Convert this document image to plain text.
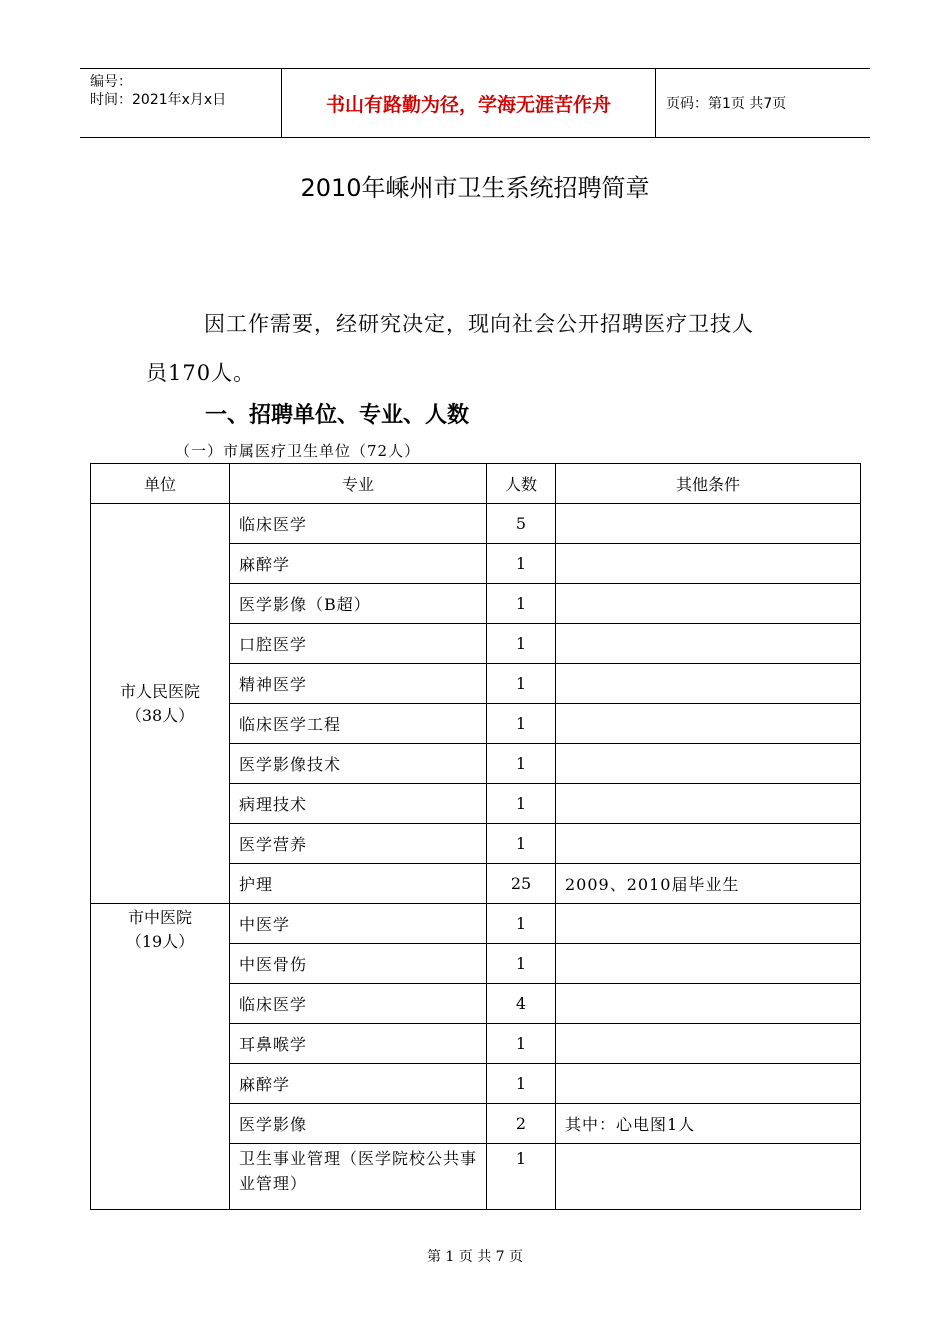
编号：
时间：2021年x月x日	书山有路勤为径，学海无涯苦作舟	页码：第1页 共7页
2010年嵊州市卫生系统招聘简章
因工作需要，经研究决定，现向社会公开招聘医疗卫技人
员170人。
一、招聘单位、专业、人数
（一）市属医疗卫生单位（72人）
单位	专业	人数	其他条件

市人民医院
（38人）	临床医学	5	
	麻醉学	1	
	医学影像（B超）	1	
	口腔医学	1	
	精神医学	1	
	临床医学工程	1	
	医学影像技术	1	
	病理技术	1	
	医学营养	1	
	护理	25	2009、2010届毕业生

市中医院
（19人）	中医学	1	
	中医骨伤	1	
	临床医学	4	
	耳鼻喉学	1	
	麻醉学	1	
	医学影像	2	其中：心电图1人
	卫生事业管理（医学院校公共事业管理）	1	
第 1 页 共 7 页
